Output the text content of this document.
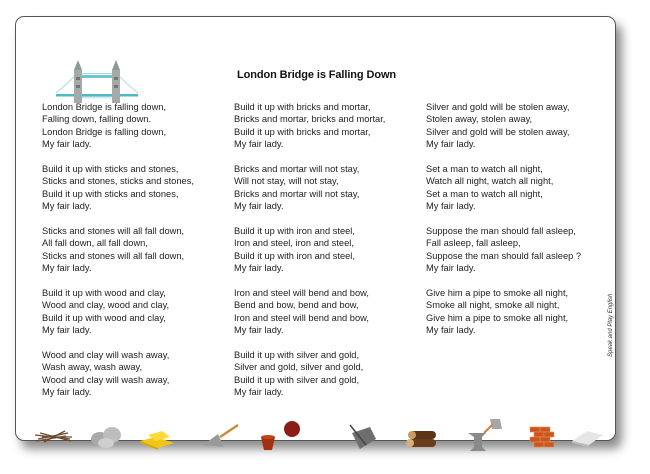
London Bridge is Falling Down
London Bridge is falling down,
Falling down, falling down.
London Bridge is falling down,
My fair lady.
Build it up with sticks and stones,
Sticks and stones, sticks and stones,
Build it up with sticks and stones,
My fair lady.
Sticks and stones will all fall down,
All fall down, all fall down,
Sticks and stones will all fall down,
My fair lady.
Build it up with wood and clay,
Wood and clay, wood and clay,
Build it up with wood and clay,
My fair lady.
Wood and clay will wash away,
Wash away, wash away,
Wood and clay will wash away,
My fair lady.
Build it up with bricks and mortar,
Bricks and mortar, bricks and mortar,
Build it up with bricks and mortar,
My fair lady.
Bricks and mortar will not stay,
Will not stay, will not stay,
Bricks and mortar will not stay,
My fair lady.
Build it up with iron and steel,
Iron and steel, iron and steel,
Build it up with iron and steel,
My fair lady.
Iron and steel will bend and bow,
Bend and bow, bend and bow,
Iron and steel will bend and bow,
My fair lady.
Build it up with silver and gold,
Silver and gold, silver and gold,
Build it up with silver and gold,
My fair lady.
Silver and gold will be stolen away,
Stolen away, stolen away,
Silver and gold will be stolen away,
My fair lady.
Set a man to watch all night,
Watch all night, watch all night,
Set a man to watch all night,
My fair lady.
Suppose the man should fall asleep,
Fall asleep, fall asleep,
Suppose the man should fall asleep ?
My fair lady.
Give him a pipe to smoke all night,
Smoke all night, smoke all night,
Give him a pipe to smoke all night,
My fair lady.	Speak and Play English
